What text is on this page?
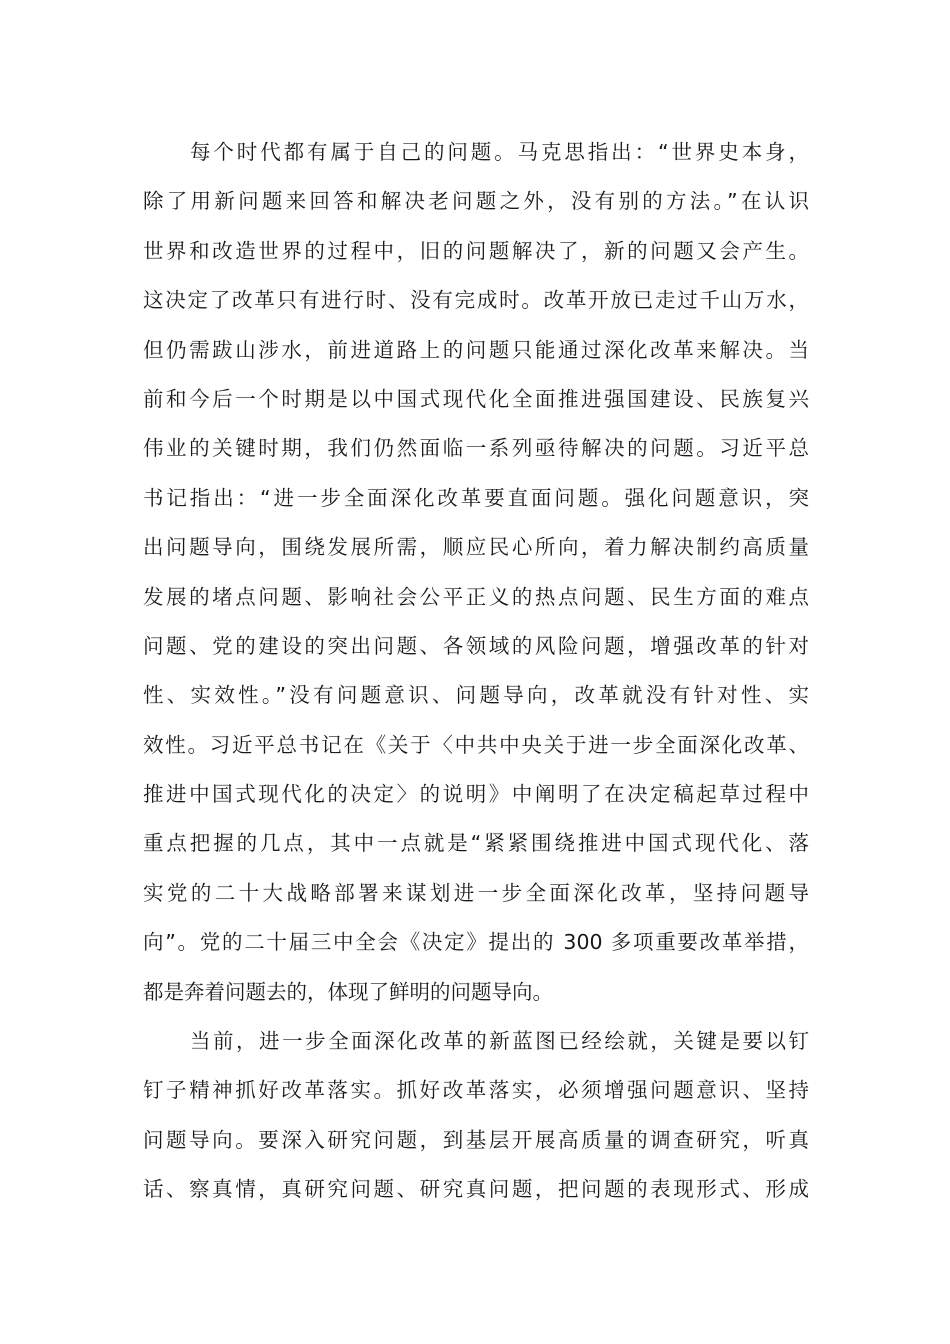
每个时代都有属于自己的问题。马克思指出：“世界史本身，
除了用新问题来回答和解决老问题之外，没有别的方法。”在认识
世界和改造世界的过程中，旧的问题解决了，新的问题又会产生。
这决定了改革只有进行时、没有完成时。改革开放已走过千山万水，
但仍需跋山涉水，前进道路上的问题只能通过深化改革来解决。当
前和今后一个时期是以中国式现代化全面推进强国建设、民族复兴
伟业的关键时期，我们仍然面临一系列亟待解决的问题。习近平总
书记指出：“进一步全面深化改革要直面问题。强化问题意识，突
出问题导向，围绕发展所需，顺应民心所向，着力解决制约高质量
发展的堵点问题、影响社会公平正义的热点问题、民生方面的难点
问题、党的建设的突出问题、各领域的风险问题，增强改革的针对
性、实效性。”没有问题意识、问题导向，改革就没有针对性、实
效性。习近平总书记在《关于〈中共中央关于进一步全面深化改革、
推进中国式现代化的决定〉的说明》中阐明了在决定稿起草过程中
重点把握的几点，其中一点就是“紧紧围绕推进中国式现代化、落
实党的二十大战略部署来谋划进一步全面深化改革，坚持问题导
向”。党的二十届三中全会《决定》提出的 300 多项重要改革举措，
都是奔着问题去的，体现了鲜明的问题导向。
当前，进一步全面深化改革的新蓝图已经绘就，关键是要以钉
钉子精神抓好改革落实。抓好改革落实，必须增强问题意识、坚持
问题导向。要深入研究问题，到基层开展高质量的调查研究，听真
话、察真情，真研究问题、研究真问题，把问题的表现形式、形成
